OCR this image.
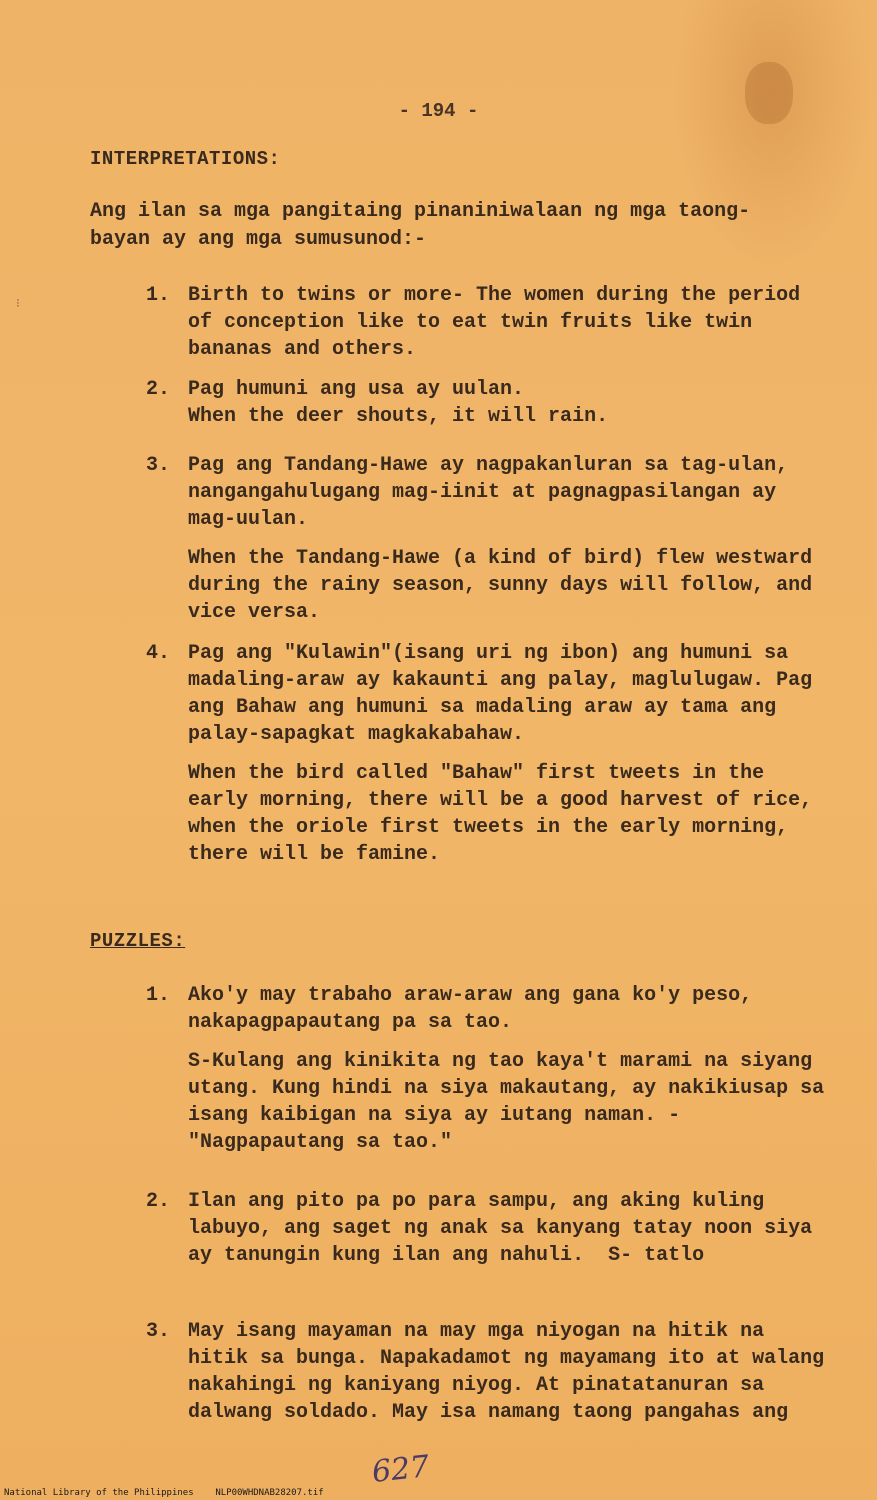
⁝
- 194 -
INTERPRETATIONS:
Ang ilan sa mga pangitaing pinaniniwalaan ng mga taong-bayan ay ang mga sumusunod:-
1. Birth to twins or more- The women during the period of conception like to eat twin fruits like twin bananas and others.
2. Pag humuni ang usa ay uulan.
When the deer shouts, it will rain.
3. Pag ang Tandang-Hawe ay nagpakanluran sa tag-ulan, nangangahulugang mag-iinit at pagnagpasilangan ay mag-uulan.
When the Tandang-Hawe (a kind of bird) flew westward during the rainy season, sunny days will follow, and vice versa.
4. Pag ang "Kulawin"(isang uri ng ibon) ang humuni sa madaling-araw ay kakaunti ang palay, maglulugaw. Pag ang Bahaw ang humuni sa madaling araw ay tama ang palay-sapagkat magkakabahaw.
When the bird called "Bahaw" first tweets in the early morning, there will be a good harvest of rice, when the oriole first tweets in the early morning, there will be famine.
PUZZLES:
1. Ako'y may trabaho araw-araw ang gana ko'y peso, nakapagpapautang pa sa tao.
S-Kulang ang kinikita ng tao kaya't marami na siyang utang. Kung hindi na siya makautang, ay nakikiusap sa isang kaibigan na siya ay iutang naman. -"Nagpapautang sa tao."
2. Ilan ang pito pa po para sampu, ang aking kuling labuyo, ang saget ng anak sa kanyang tatay noon siya ay tanungin kung ilan ang nahuli.  S- tatlo
3. May isang mayaman na may mga niyogan na hitik na hitik sa bunga. Napakadamot ng mayamang ito at walang nakahingi ng kaniyang niyog. At pinatatanuran sa dalwang soldado. May isa namang taong pangahas ang
627
National Library of the Philippines    NLP00WHDNAB28207.tif
